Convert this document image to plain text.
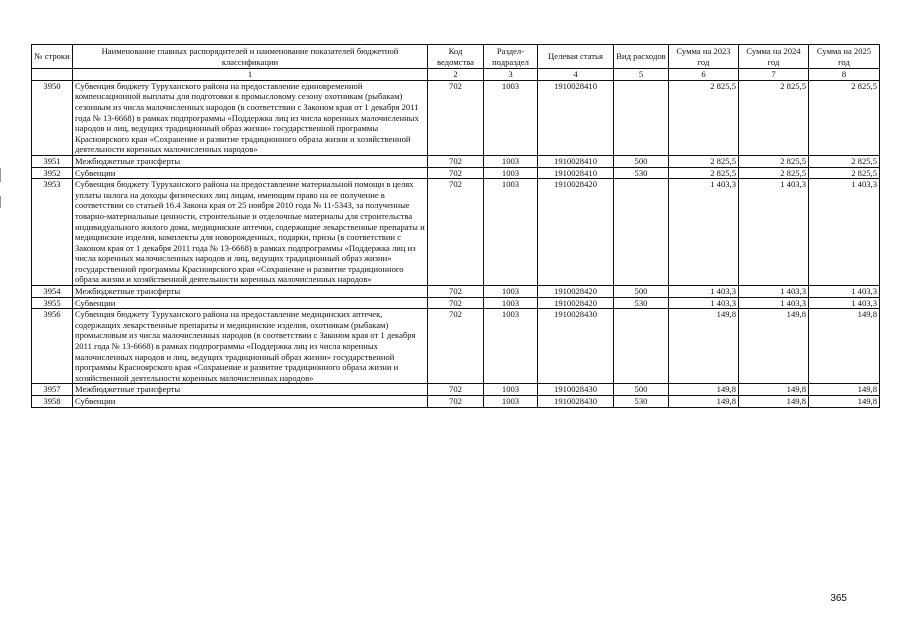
№ строки	Наименование главных распорядителей и наименование показателей бюджетной классификации	Код ведомства	Раздел-подраздел	Целевая статья	Вид расходов	Сумма на 2023 год	Сумма на 2024 год	Сумма на 2025 год
	1	2	3	4	5	6	7	8
3950	Субвенция бюджету Туруханского района на предоставление единовременной компенсационной выплаты для подготовки к промысловому сезону охотникам (рыбакам) сезонным из числа малочисленных народов (в соответствии с Законом края от 1 декабря 2011 года № 13-6668) в рамках подпрограммы «Поддержка лиц из числа коренных малочисленных народов и лиц, ведущих традиционный образ жизни» государственной программы Красноярского края «Сохранение и развитие традиционного образа жизни и хозяйственной деятельности коренных малочисленных народов»	702	1003	1910028410		2 825,5	2 825,5	2 825,5
3951	Межбюджетные трансферты	702	1003	1910028410	500	2 825,5	2 825,5	2 825,5
3952	Субвенции	702	1003	1910028410	530	2 825,5	2 825,5	2 825,5
3953	Субвенция бюджету Туруханского района на предоставление материальной помощи в целях уплаты налога на доходы физических лиц лицам, имеющим право на ее получение в соответствии со статьей 16.4 Закона края от 25 ноября 2010 года № 11-5343, за полученные товарно-материальные ценности, строительные и отделочные материалы для строительства индивидуального жилого дома, медицинские аптечки, содержащие лекарственные препараты и медицинские изделия, комплекты для новорожденных, подарки, призы (в соответствии с Законом края от 1 декабря 2011 года № 13-6668) в рамках подпрограммы «Поддержка лиц из числа коренных малочисленных народов и лиц, ведущих традиционный образ жизни» государственной программы Красноярского края «Сохранение и развитие традиционного образа жизни и хозяйственной деятельности коренных малочисленных народов»	702	1003	1910028420		1 403,3	1 403,3	1 403,3
3954	Межбюджетные трансферты	702	1003	1910028420	500	1 403,3	1 403,3	1 403,3
3955	Субвенции	702	1003	1910028420	530	1 403,3	1 403,3	1 403,3
3956	Субвенция бюджету Туруханского района на предоставление медицинских аптечек, содержащих лекарственные препараты и медицинские изделия, охотникам (рыбакам) промысловым из числа малочисленных народов (в соответствии с Законом края от 1 декабря 2011 года № 13-6668) в рамках подпрограммы «Поддержка лиц из числа коренных малочисленных народов и лиц, ведущих традиционный образ жизни» государственной программы Красноярского края «Сохранение и развитие традиционного образа жизни и хозяйственной деятельности коренных малочисленных народов»	702	1003	1910028430		149,8	149,8	149,8
3957	Межбюджетные трансферты	702	1003	1910028430	500	149,8	149,8	149,8
3958	Субвенции	702	1003	1910028430	530	149,8	149,8	149,8
365
